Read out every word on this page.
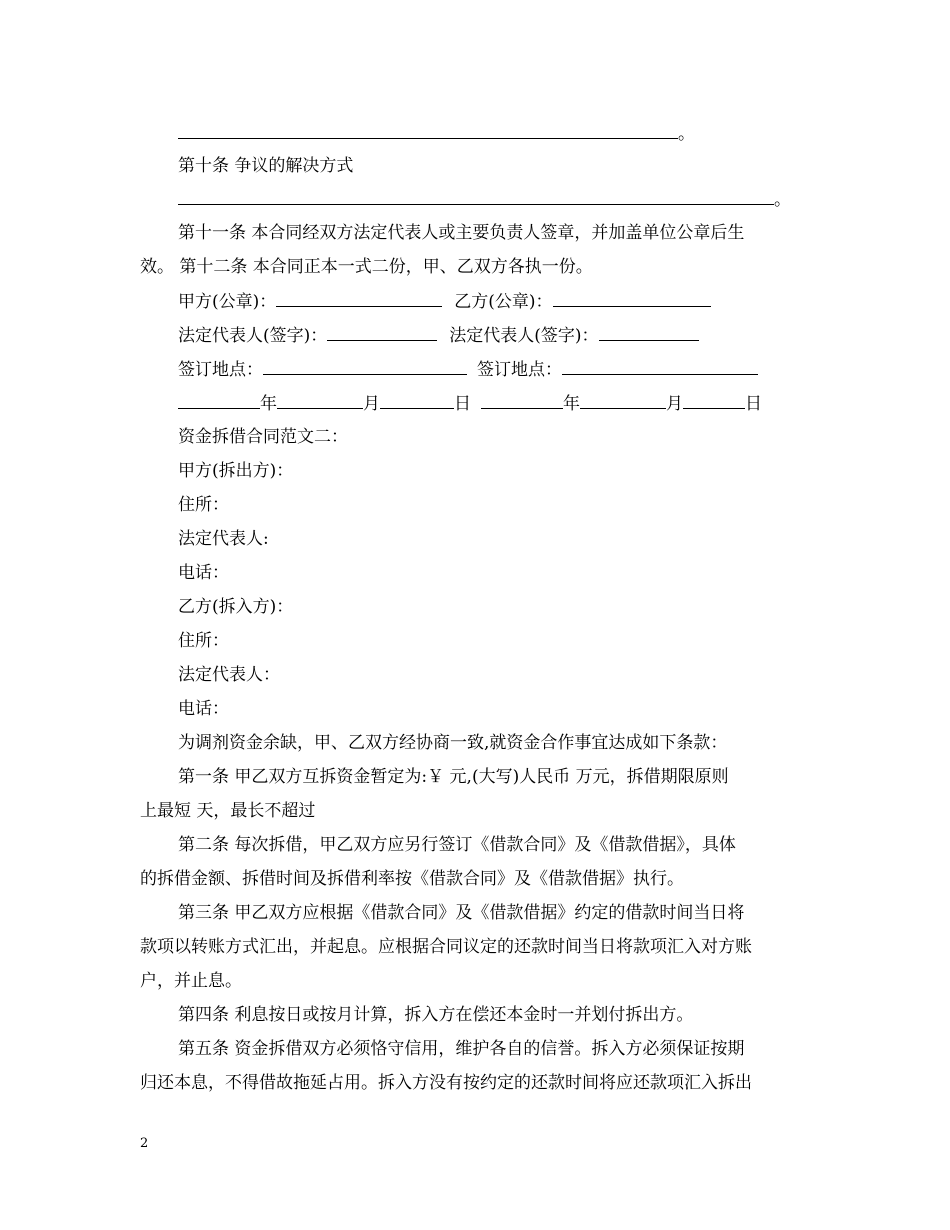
。
第十条 争议的解决方式
。
第十一条 本合同经双方法定代表人或主要负责人签章，并加盖单位公章后生
效。 第十二条 本合同正本一式二份，甲、乙双方各执一份。
甲方(公章)：	乙方(公章)：
法定代表人(签字)：	法定代表人(签字)：
签订地点：	签订地点：
年	月	日	年	月	日
资金拆借合同范文二：
甲方(拆出方)：
住所：
法定代表人:
电话：
乙方(拆入方)：
住所：
法定代表人：
电话：
为调剂资金余缺，甲、乙双方经协商一致,就资金合作事宜达成如下条款：
第一条 甲乙双方互拆资金暂定为:￥ 元,(大写)人民币 万元，拆借期限原则
上最短 天，最长不超过
第二条 每次拆借，甲乙双方应另行签订《借款合同》及《借款借据》，具体
的拆借金额、拆借时间及拆借利率按《借款合同》及《借款借据》执行。
第三条 甲乙双方应根据《借款合同》及《借款借据》约定的借款时间当日将
款项以转账方式汇出，并起息。应根据合同议定的还款时间当日将款项汇入对方账
户，并止息。
第四条 利息按日或按月计算，拆入方在偿还本金时一并划付拆出方。
第五条 资金拆借双方必须恪守信用，维护各自的信誉。拆入方必须保证按期
归还本息，不得借故拖延占用。拆入方没有按约定的还款时间将应还款项汇入拆出
2
